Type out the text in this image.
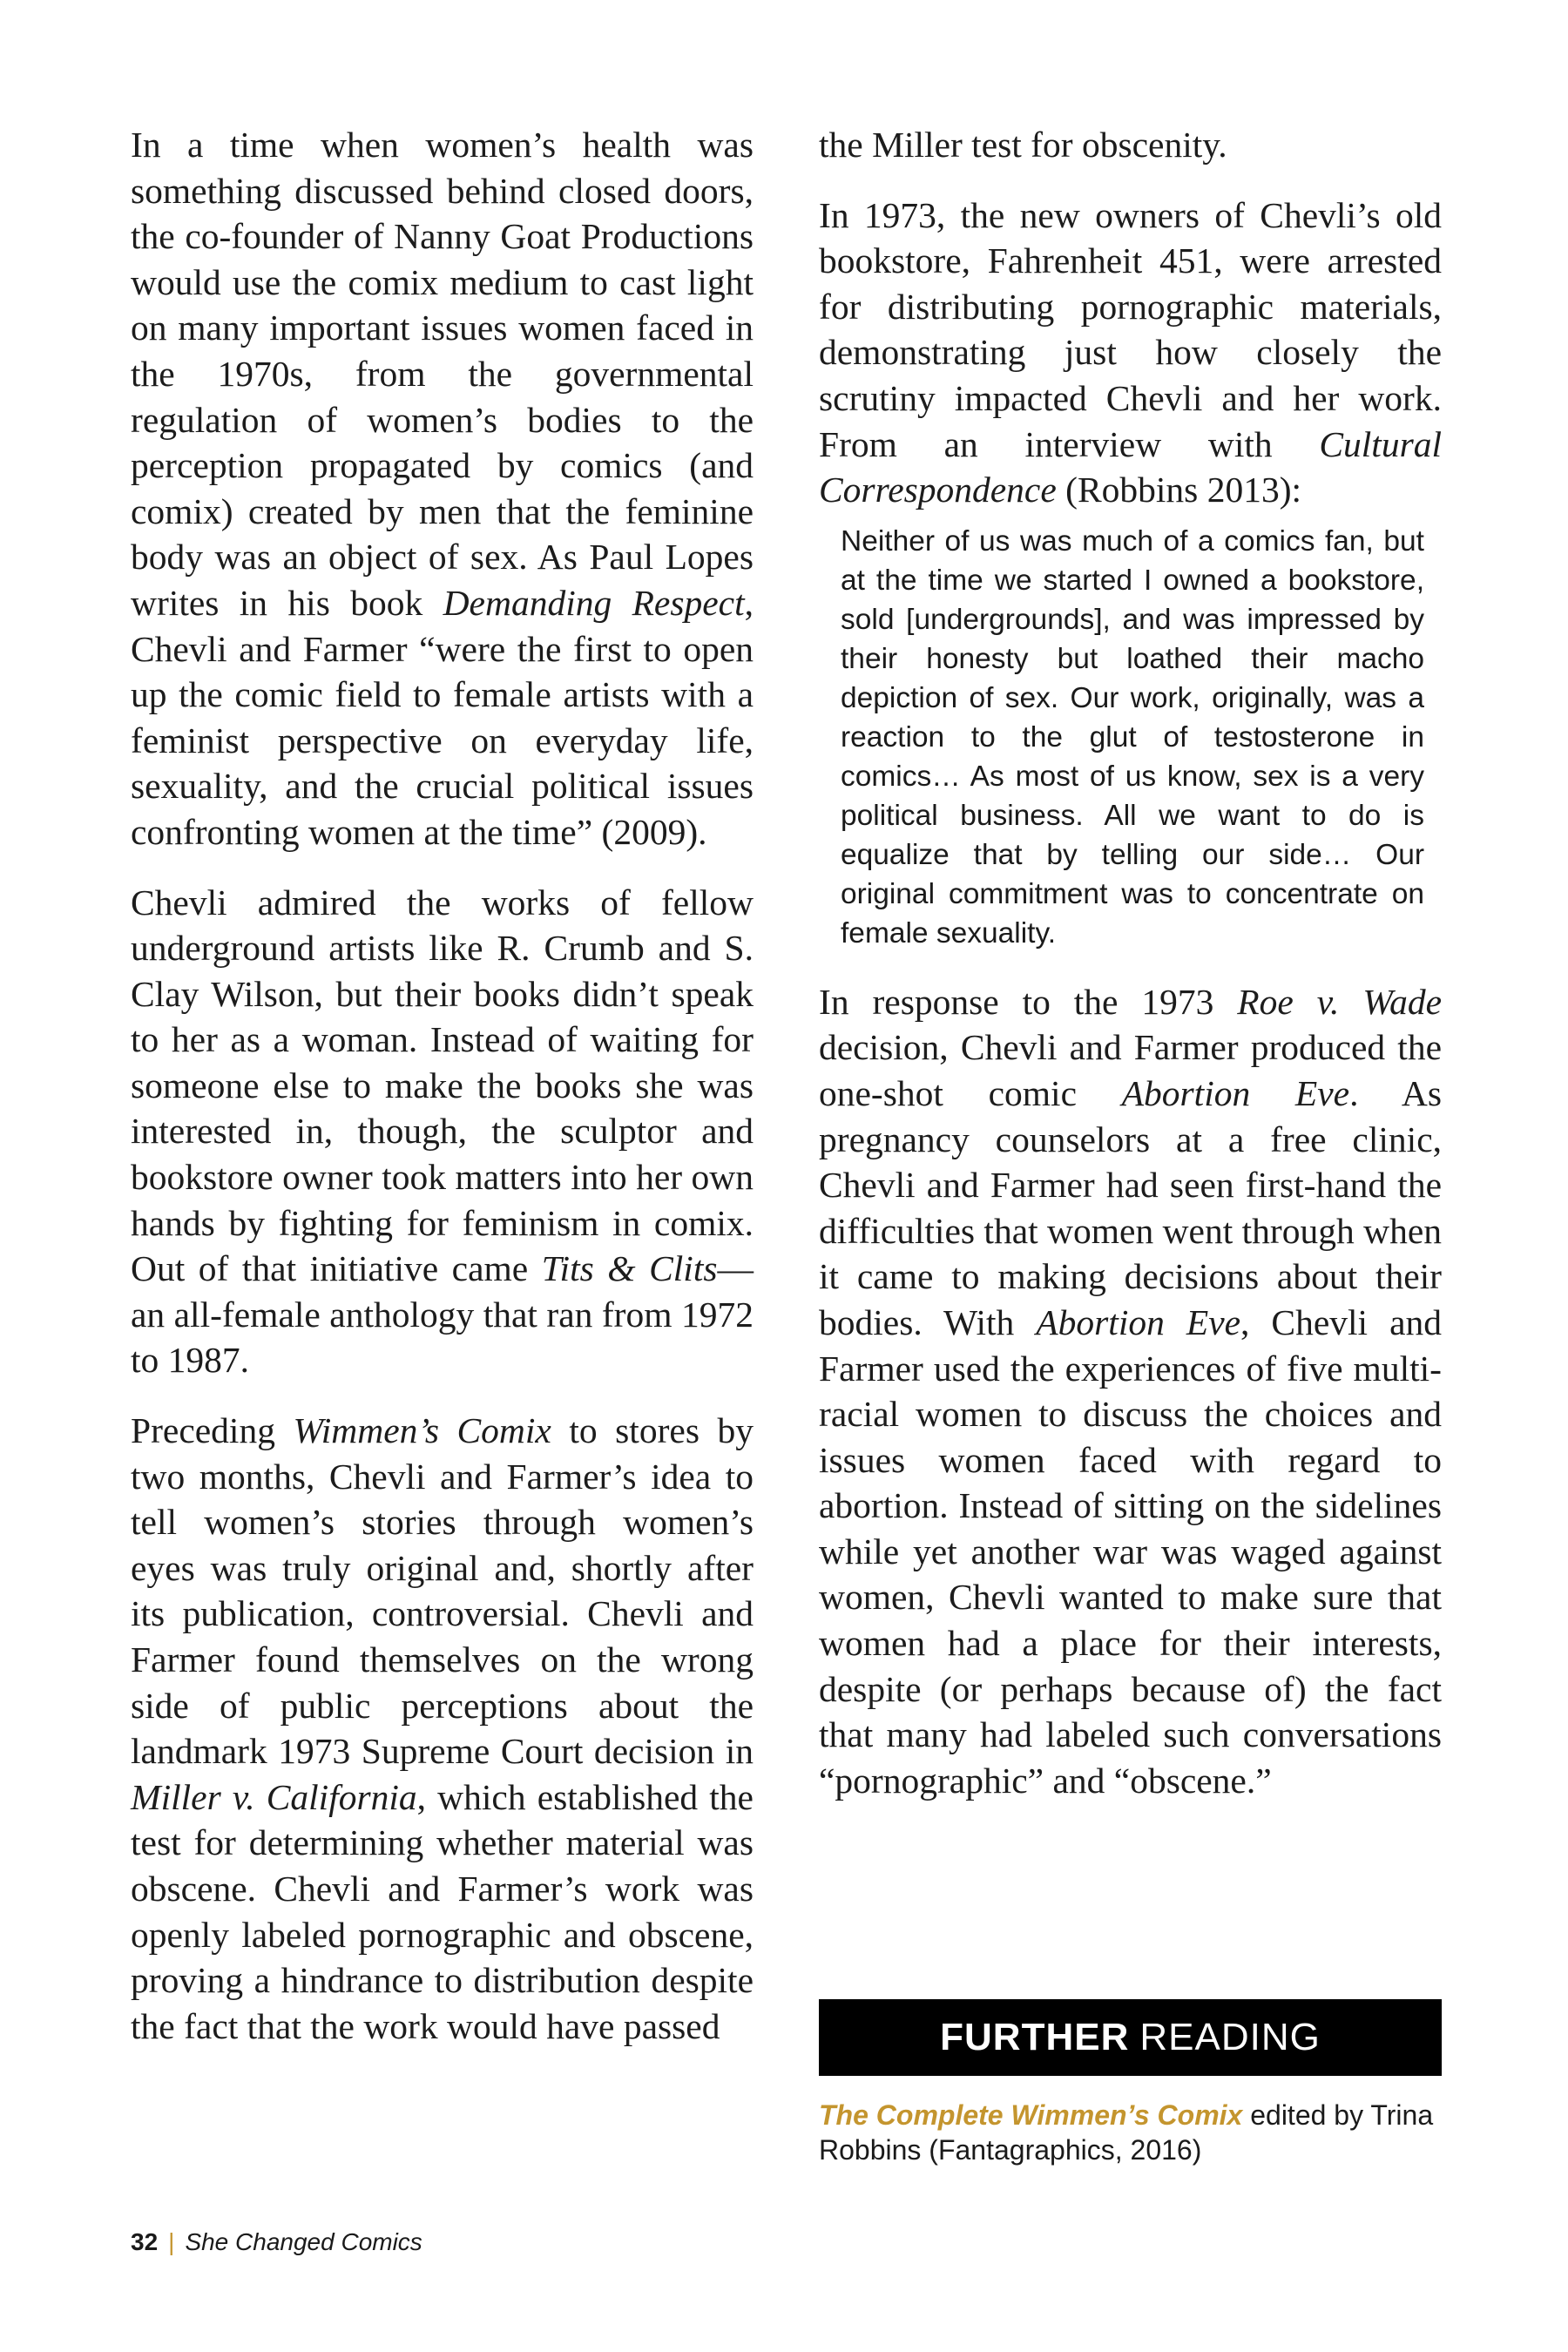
In a time when women’s health was something discussed behind closed doors, the co-founder of Nanny Goat Productions would use the comix medium to cast light on many important issues women faced in the 1970s, from the governmental regulation of women’s bodies to the perception propagated by comics (and comix) created by men that the feminine body was an object of sex. As Paul Lopes writes in his book Demanding Respect, Chevli and Farmer “were the first to open up the comic field to female artists with a feminist perspective on everyday life, sexuality, and the crucial political issues confronting women at the time” (2009).

Chevli admired the works of fellow underground artists like R. Crumb and S. Clay Wilson, but their books didn’t speak to her as a woman. Instead of waiting for someone else to make the books she was interested in, though, the sculptor and bookstore owner took matters into her own hands by fighting for feminism in comix. Out of that initiative came Tits & Clits—an all-female anthology that ran from 1972 to 1987.

Preceding Wimmen’s Comix to stores by two months, Chevli and Farmer’s idea to tell women’s stories through women’s eyes was truly original and, shortly after its publication, controversial. Chevli and Farmer found themselves on the wrong side of public perceptions about the landmark 1973 Supreme Court decision in Miller v. California, which established the test for determining whether material was obscene. Chevli and Farmer’s work was openly labeled pornographic and obscene, proving a hindrance to distribution despite the fact that the work would have passed

the Miller test for obscenity.

In 1973, the new owners of Chevli’s old bookstore, Fahrenheit 451, were arrested for distributing pornographic materials, demonstrating just how closely the scrutiny impacted Chevli and her work. From an interview with Cultural Correspondence (Robbins 2013):

Neither of us was much of a comics fan, but at the time we started I owned a bookstore, sold [undergrounds], and was impressed by their honesty but loathed their macho depiction of sex. Our work, originally, was a reaction to the glut of testosterone in comics… As most of us know, sex is a very political business. All we want to do is equalize that by telling our side… Our original commitment was to concentrate on female sexuality.

In response to the 1973 Roe v. Wade decision, Chevli and Farmer produced the one-shot comic Abortion Eve. As pregnancy counselors at a free clinic, Chevli and Farmer had seen first-hand the difficulties that women went through when it came to making decisions about their bodies. With Abortion Eve, Chevli and Farmer used the experiences of five multi-racial women to discuss the choices and issues women faced with regard to abortion. Instead of sitting on the sidelines while yet another war was waged against women, Chevli wanted to make sure that women had a place for their interests, despite (or perhaps because of) the fact that many had labeled such conversations “pornographic” and “obscene.”

FURTHER READING
The Complete Wimmen’s Comix edited by Trina Robbins (Fantagraphics, 2016)
32 | She Changed Comics
